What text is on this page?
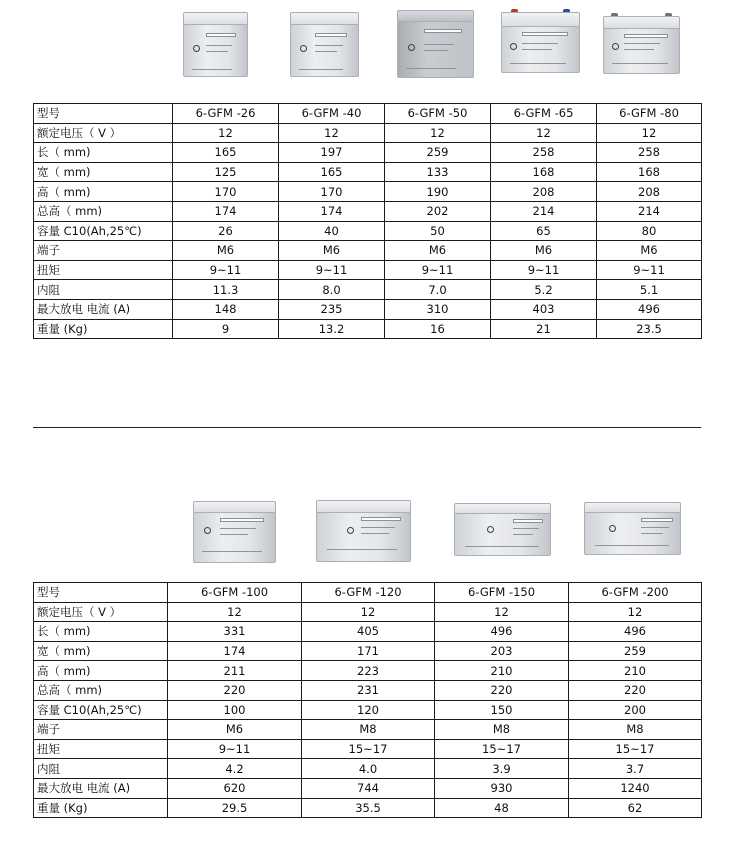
型号	6-GFM -26	6-GFM -40	6-GFM -50	6-GFM -65	6-GFM -80
额定电压（ V ）	12	12	12	12	12
长（ mm)	165	197	259	258	258
宽（ mm)	125	165	133	168	168
高（ mm)	170	170	190	208	208
总高（ mm)	174	174	202	214	214
容量 C10(Ah,25℃)	26	40	50	65	80
端子	M6	M6	M6	M6	M6
扭矩	9~11	9~11	9~11	9~11	9~11
内阻	11.3	8.0	7.0	5.2	5.1
最大放电 电流 (A)	148	235	310	403	496
重量 (Kg)	9	13.2	16	21	23.5
型号	6-GFM -100	6-GFM -120	6-GFM -150	6-GFM -200
额定电压（ V ）	12	12	12	12
长（ mm)	331	405	496	496
宽（ mm)	174	171	203	259
高（ mm)	211	223	210	210
总高（ mm)	220	231	220	220
容量 C10(Ah,25℃)	100	120	150	200
端子	M6	M8	M8	M8
扭矩	9~11	15~17	15~17	15~17
内阻	4.2	4.0	3.9	3.7
最大放电 电流 (A)	620	744	930	1240
重量 (Kg)	29.5	35.5	48	62
